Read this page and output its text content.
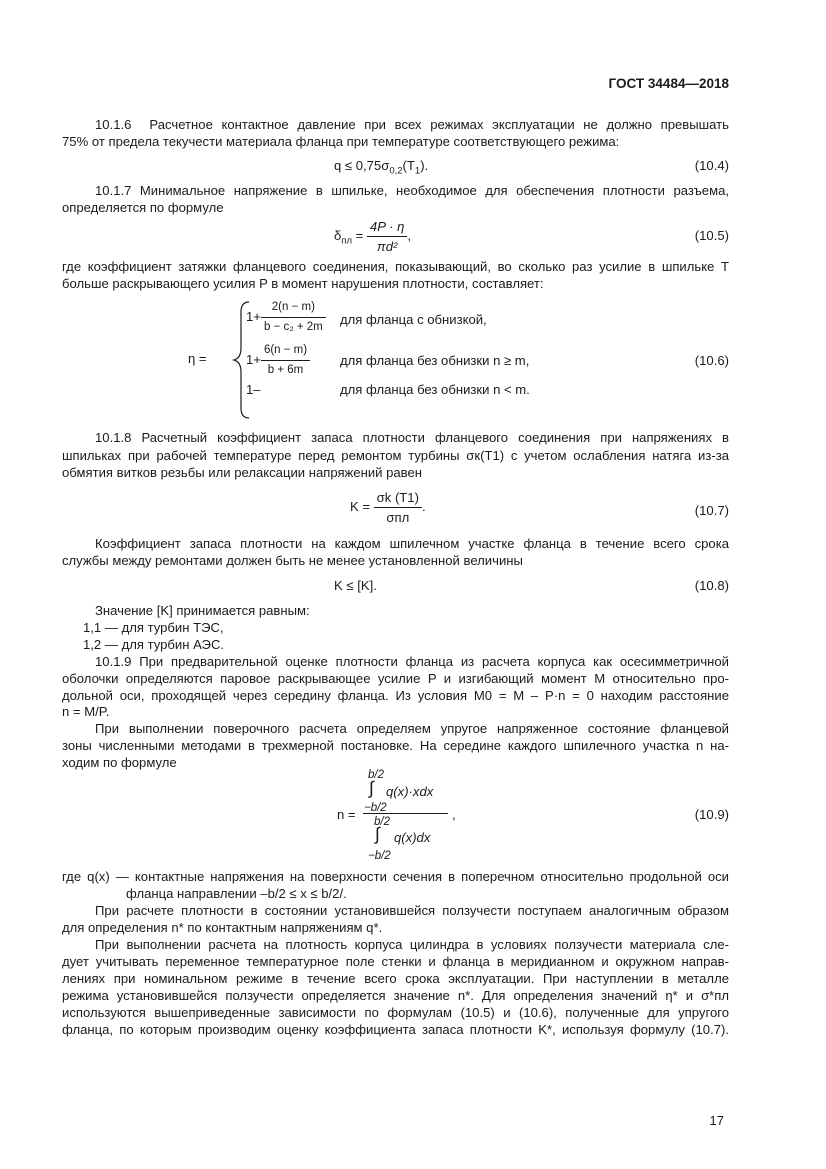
ГОСТ 34484—2018
10.1.6 Расчетное контактное давление при всех режимах эксплуатации не должно превышать
75% от предела текучести материала фланца при температуре соответствующего режима:
$q \le 0,75\sigma_{0,2}(T_1)$.	(10.4)
10.1.7 Минимальное напряжение в шпильке, необходимое для обеспечения плотности разъема,
определяется по формуле
$\delta_{пл} = \frac{4P \cdot \eta}{\text{πd²}}$ ,	(10.5)
где коэффициент затяжки фланцевого соединения, показывающий, во сколько раз усилие в шпильке T
больше раскрывающего усилия P в момент нарушения плотности, составляет:
η =
$1+ \frac{2(n - m)}{\text{b − c₂ + 2m}}$ для фланца с обнизкой,
$1+ \frac{6(n - m)}{b + 6m}$ для фланца без обнизки n ≥ m,
1–	для фланца без обнизки n < m.
(10.6)
10.1.8 Расчетный коэффициент запаса плотности фланцевого соединения при напряжениях в
шпильках при рабочей температуре перед ремонтом турбины σк(T1) с учетом ослабления натяга из-за
обмятия витков резьбы или релаксации напряжений равен
$K = \frac{\sigma k (T1)}{\text{σпл}}$ .	(10.7)
Коэффициент запаса плотности на каждом шпилечном участке фланца в течение всего срока
службы между ремонтами должен быть не менее установленной величины
K ≤ [K].	(10.8)
Значение [K] принимается равным:
1,1 — для турбин ТЭС,
1,2 — для турбин АЭС.
10.1.9 При предварительной оценке плотности фланца из расчета корпуса как осесимметричной
оболочки определяются паровое раскрывающее усилие P и изгибающий момент M относительно про-
дольной оси, проходящей через середину фланца. Из условия M0 = M – P·n = 0 находим расстояние
n = M/P.
При выполнении поверочного расчета определяем упругое напряженное состояние фланцевой
зоны численными методами в трехмерной постановке. На середине каждого шпилечного участка n на-
ходим по формуле
n =
b/2
∫ q(x)·xdx
−b/2
b/2
∫ q(x)dx
−b/2
,	(10.9)
где q(x) — контактные напряжения на поверхности сечения в поперечном относительно продольной оси
фланца направлении –b/2 ≤ x ≤ b/2/.
При расчете плотности в состоянии установившейся ползучести поступаем аналогичным образом
для определения n* по контактным напряжениям q*.
При выполнении расчета на плотность корпуса цилиндра в условиях ползучести материала сле-
дует учитывать переменное температурное поле стенки и фланца в меридианном и окружном направ-
лениях при номинальном режиме в течение всего срока эксплуатации. При наступлении в металле
режима установившейся ползучести определяется значение n*. Для определения значений η* и σ*пл
используются вышеприведенные зависимости по формулам (10.5) и (10.6), полученные для упругого
фланца, по которым производим оценку коэффициента запаса плотности K*, используя формулу (10.7).
17
